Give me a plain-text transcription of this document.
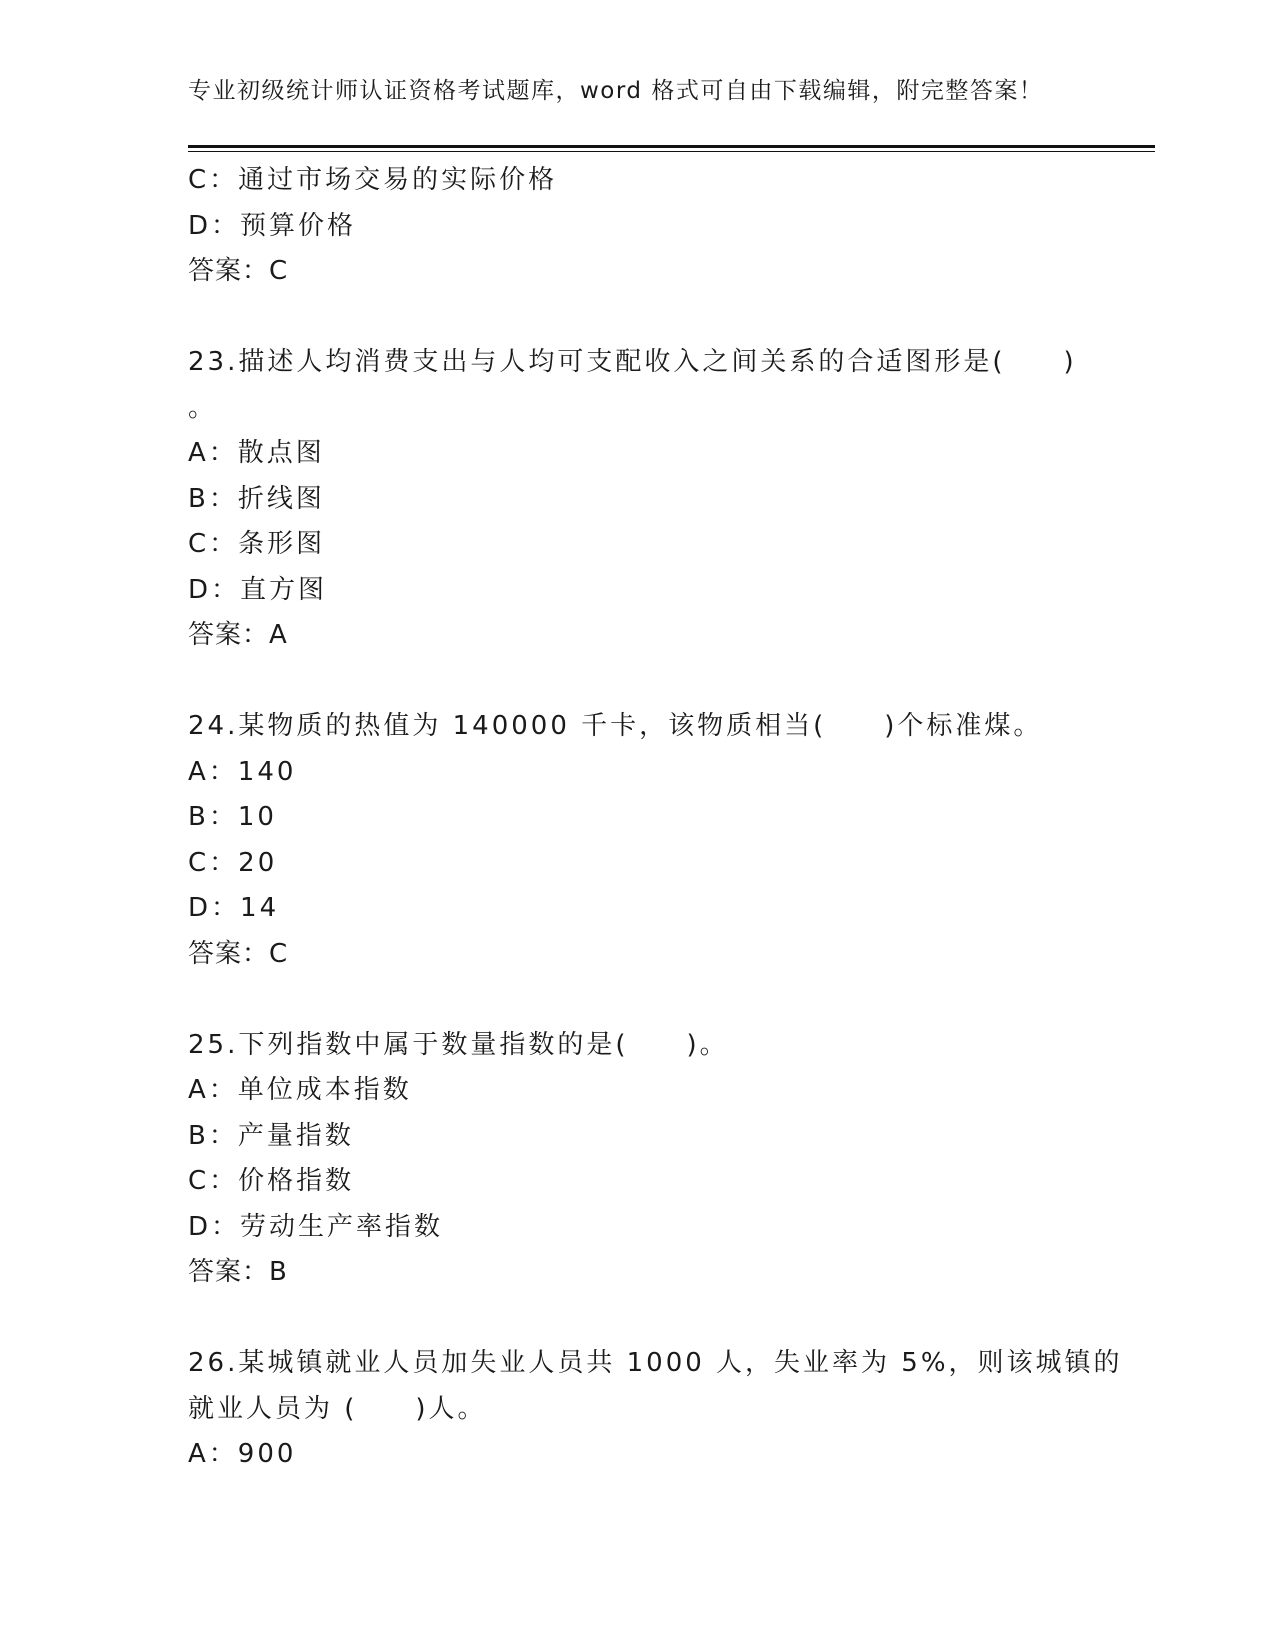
专业初级统计师认证资格考试题库，word 格式可自由下载编辑，附完整答案！
C：通过市场交易的实际价格
D：预算价格
答案：C
23.描述人均消费支出与人均可支配收入之间关系的合适图形是(　　)
。
A：散点图
B：折线图
C：条形图
D：直方图
答案：A
24.某物质的热值为 140000 千卡，该物质相当(　　)个标准煤。
A：140
B：10
C：20
D：14
答案：C
25.下列指数中属于数量指数的是(　　)。
A：单位成本指数
B：产量指数
C：价格指数
D：劳动生产率指数
答案：B
26.某城镇就业人员加失业人员共 1000 人，失业率为 5%，则该城镇的
就业人员为 (　　)人。
A：900
